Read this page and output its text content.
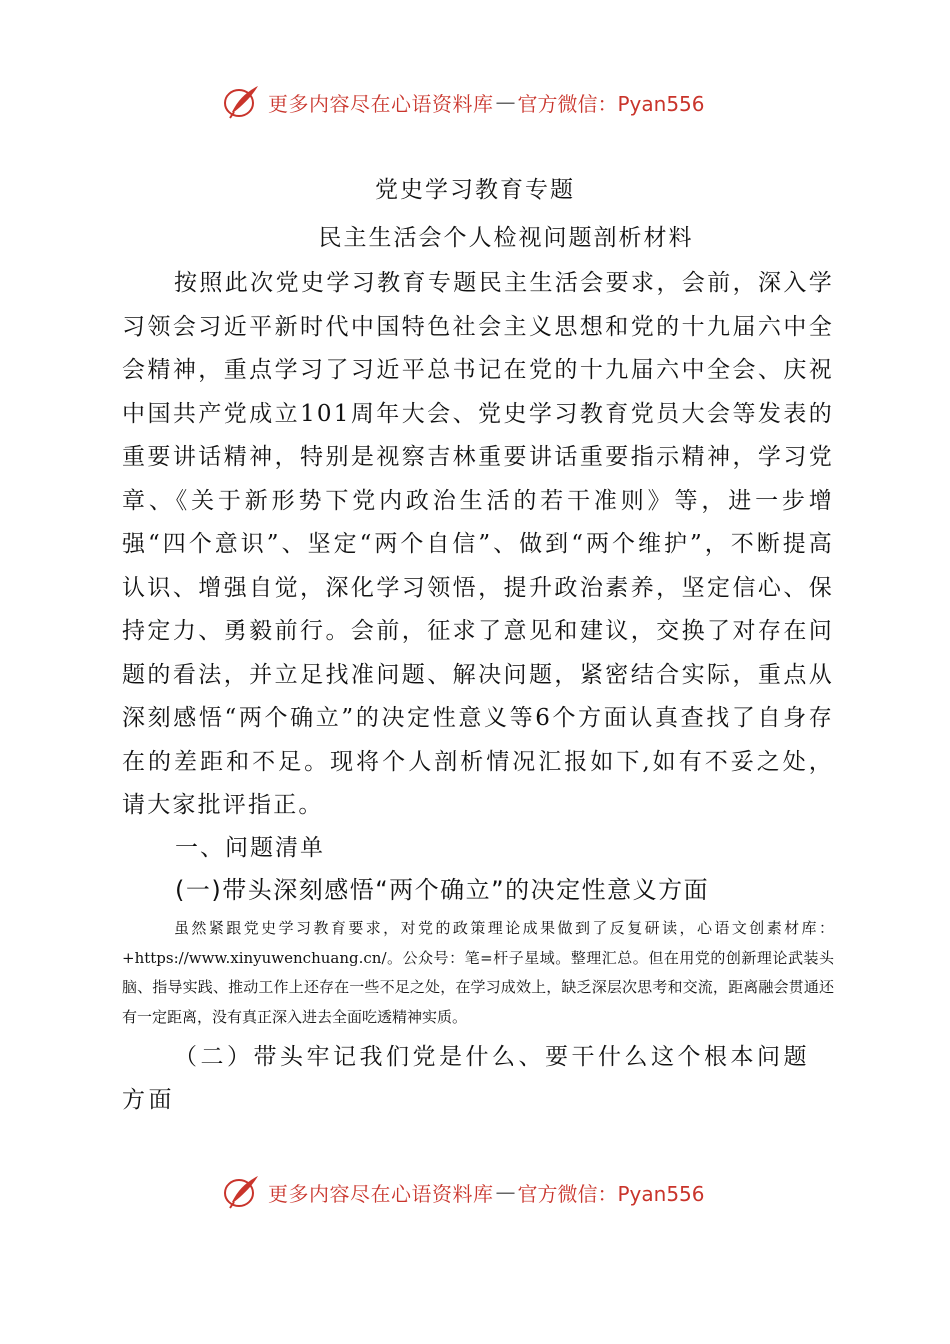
更多内容尽在心语资料库 — 官方微信：Pyan556
党史学习教育专题
民主生活会个人检视问题剖析材料

按照此次党史学习教育专题民主生活会要求，会前，深入学习领会习近平新时代中国特色社会主义思想和党的十九届六中全会精神，重点学习了习近平总书记在党的十九届六中全会、庆祝中国共产党成立101周年大会、党史学习教育党员大会等发表的重要讲话精神，特别是视察吉林重要讲话重要指示精神，学习党章、《关于新形势下党内政治生活的若干准则》等，进一步增强“四个意识”、坚定“两个自信”、做到“两个维护”，不断提高认识、增强自觉，深化学习领悟，提升政治素养，坚定信心、保持定力、勇毅前行。会前，征求了意见和建议，交换了对存在问题的看法，并立足找准问题、解决问题，紧密结合实际，重点从深刻感悟“两个确立”的决定性意义等6个方面认真查找了自身存在的差距和不足。现将个人剖析情况汇报如下,如有不妥之处，请大家批评指正。

一、问题清单
(一)带头深刻感悟“两个确立”的决定性意义方面

虽然紧跟党史学习教育要求，对党的政策理论成果做到了反复研读，心语文创素材库：+https://www.xinyuwenchuang.cn/。公众号：笔=杆子星域。整理汇总。但在用党的创新理论武装头脑、指导实践、推动工作上还存在一些不足之处，在学习成效上，缺乏深层次思考和交流，距离融会贯通还有一定距离，没有真正深入进去全面吃透精神实质。

（二）带头牢记我们党是什么、要干什么这个根本问题方面

更多内容尽在心语资料库 — 官方微信：Pyan556
